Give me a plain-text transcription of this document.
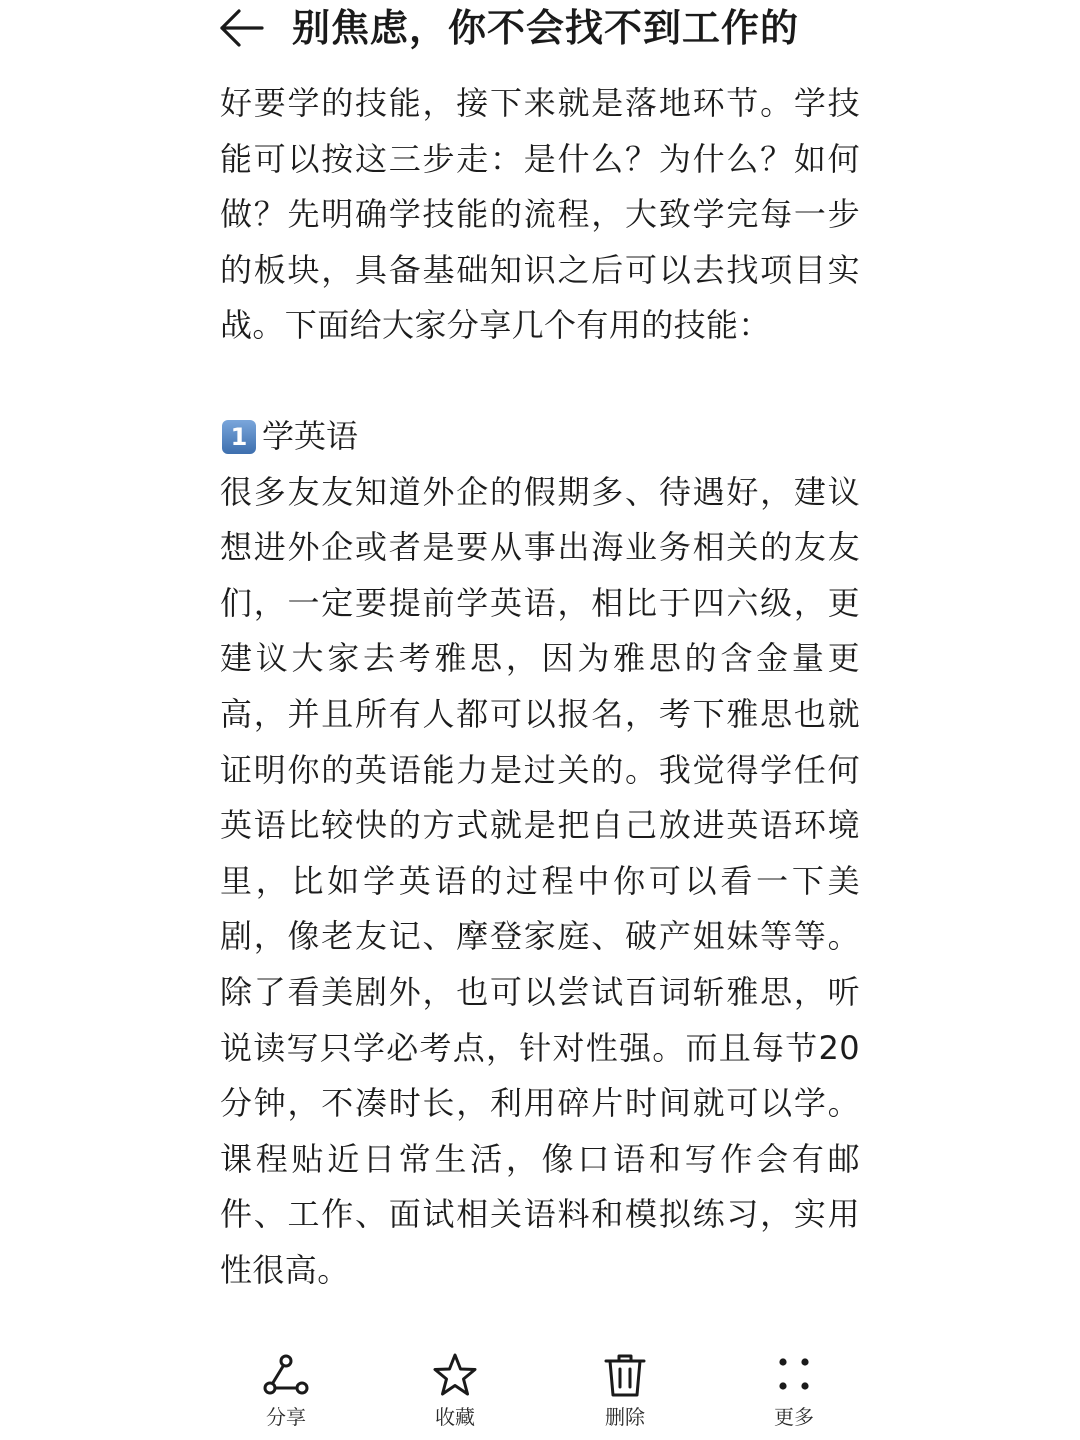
别焦虑，你不会找不到工作的

好要学的技能，接下来就是落地环节。学技能可以按这三步走：是什么？为什么？如何做？先明确学技能的流程，大致学完每一步的板块，具备基础知识之后可以去找项目实战。下面给大家分享几个有用的技能：

1 学英语

很多友友知道外企的假期多、待遇好，建议想进外企或者是要从事出海业务相关的友友们，一定要提前学英语，相比于四六级，更建议大家去考雅思，因为雅思的含金量更高，并且所有人都可以报名，考下雅思也就证明你的英语能力是过关的。我觉得学任何英语比较快的方式就是把自己放进英语环境里，比如学英语的过程中你可以看一下美剧，像老友记、摩登家庭、破产姐妹等等。除了看美剧外，也可以尝试百词斩雅思，听说读写只学必考点，针对性强。而且每节20分钟，不凑时长，利用碎片时间就可以学。课程贴近日常生活，像口语和写作会有邮件、工作、面试相关语料和模拟练习，实用性很高。

分享	收藏	删除	更多
